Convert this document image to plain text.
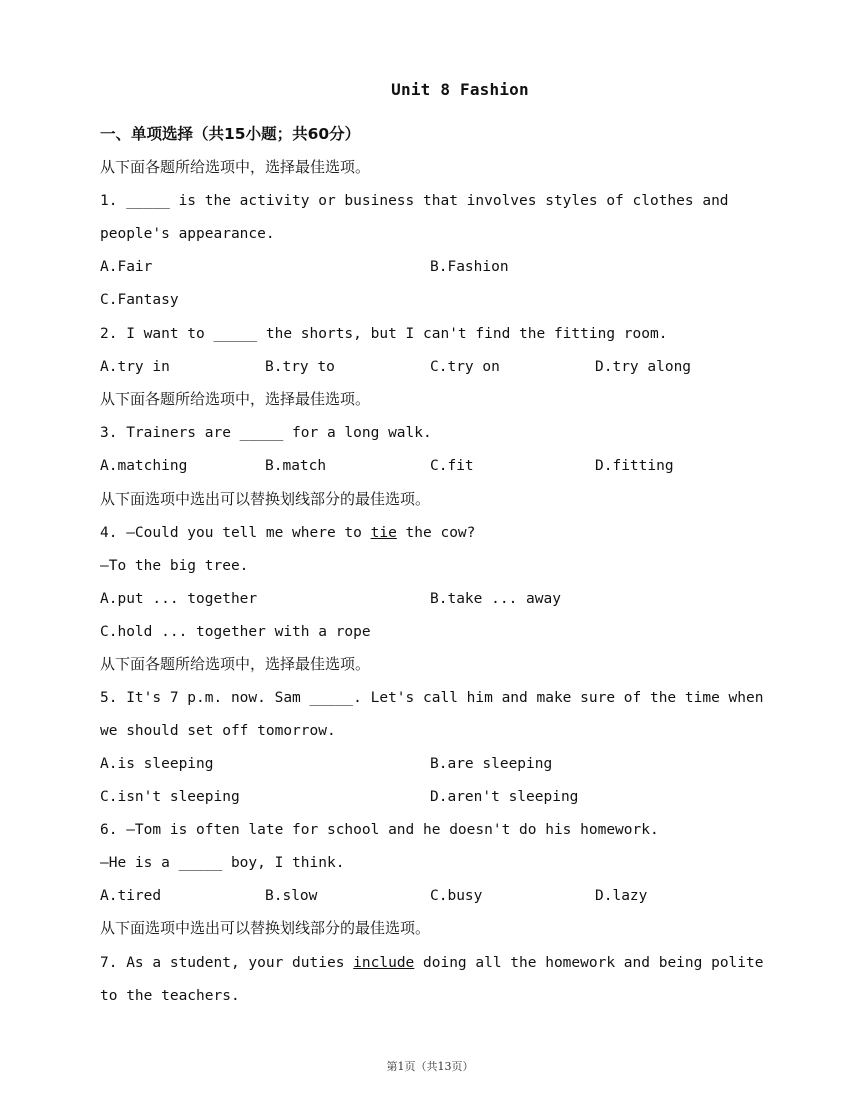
Unit 8 Fashion
一、单项选择（共15小题；共60分）
从下面各题所给选项中，选择最佳选项。
1. _____ is the activity or business that involves styles of clothes and
people's appearance.
A.Fair	B.Fashion
C.Fantasy
2. I want to _____ the shorts, but I can't find the fitting room.
A.try in	B.try to	C.try on	D.try along
从下面各题所给选项中，选择最佳选项。
3. Trainers are _____ for a long walk.
A.matching	B.match	C.fit	D.fitting
从下面选项中选出可以替换划线部分的最佳选项。
4. —Could you tell me where to tie the cow?
—To the big tree.
A.put ... together	B.take ... away
C.hold ... together with a rope
从下面各题所给选项中，选择最佳选项。
5. It's 7 p.m. now. Sam _____. Let's call him and make sure of the time when
we should set off tomorrow.
A.is sleeping	B.are sleeping
C.isn't sleeping	D.aren't sleeping
6. —Tom is often late for school and he doesn't do his homework.
—He is a _____ boy, I think.
A.tired	B.slow	C.busy	D.lazy
从下面选项中选出可以替换划线部分的最佳选项。
7. As a student, your duties include doing all the homework and being polite
to the teachers.
第1页（共13页）
